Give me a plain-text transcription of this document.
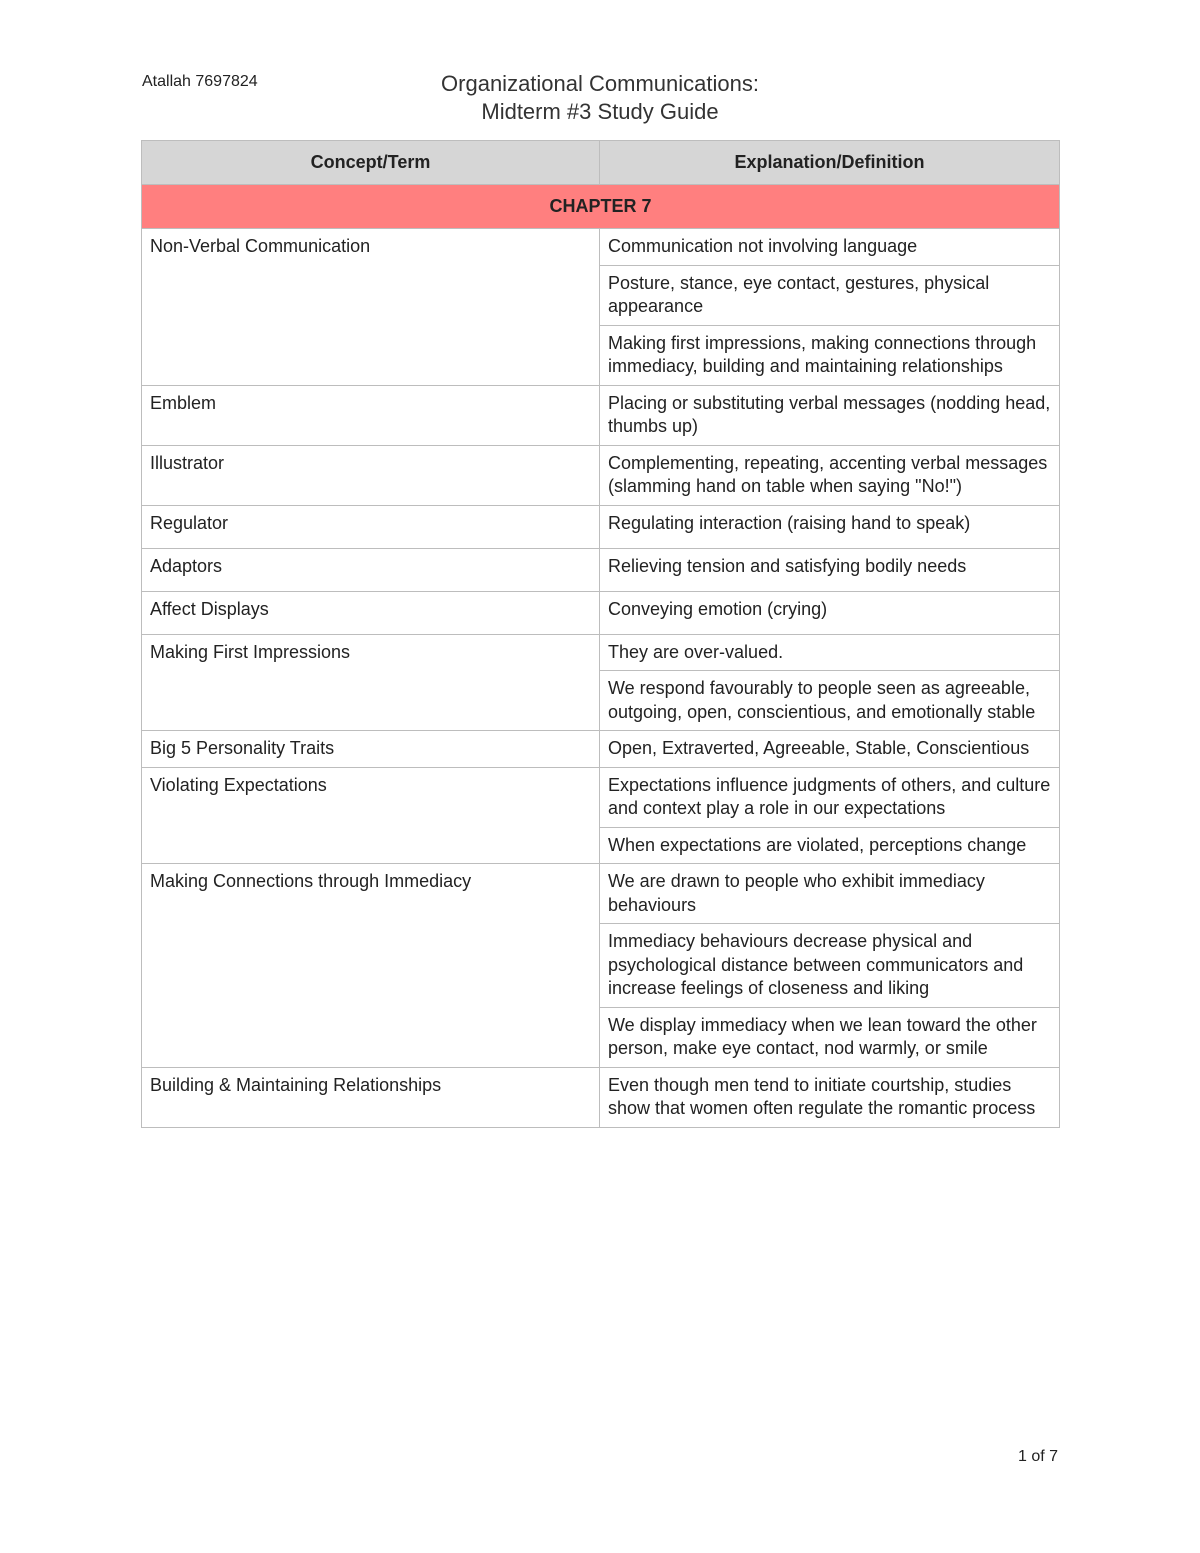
Atallah 7697824	Organizational Communications:
Midterm #3 Study Guide
Concept/Term	Explanation/Definition
CHAPTER 7	
Non-Verbal Communication	Communication not involving language
	Posture, stance, eye contact, gestures, physical appearance
	Making first impressions, making connections through immediacy, building and maintaining relationships
Emblem	Placing or substituting verbal messages (nodding head, thumbs up)
Illustrator	Complementing, repeating, accenting verbal messages (slamming hand on table when saying "No!")
Regulator	Regulating interaction (raising hand to speak)
Adaptors	Relieving tension and satisfying bodily needs
Affect Displays	Conveying emotion (crying)
Making First Impressions	They are over-valued.
	We respond favourably to people seen as agreeable, outgoing, open, conscientious, and emotionally stable
Big 5 Personality Traits	Open, Extraverted, Agreeable, Stable, Conscientious
Violating Expectations	Expectations influence judgments of others, and culture and context play a role in our expectations
	When expectations are violated, perceptions change
Making Connections through Immediacy	We are drawn to people who exhibit immediacy behaviours
	Immediacy behaviours decrease physical and psychological distance between communicators and increase feelings of closeness and liking
	We display immediacy when we lean toward the other person, make eye contact, nod warmly, or smile
Building & Maintaining Relationships	Even though men tend to initiate courtship, studies show that women often regulate the romantic process
1 of 7
